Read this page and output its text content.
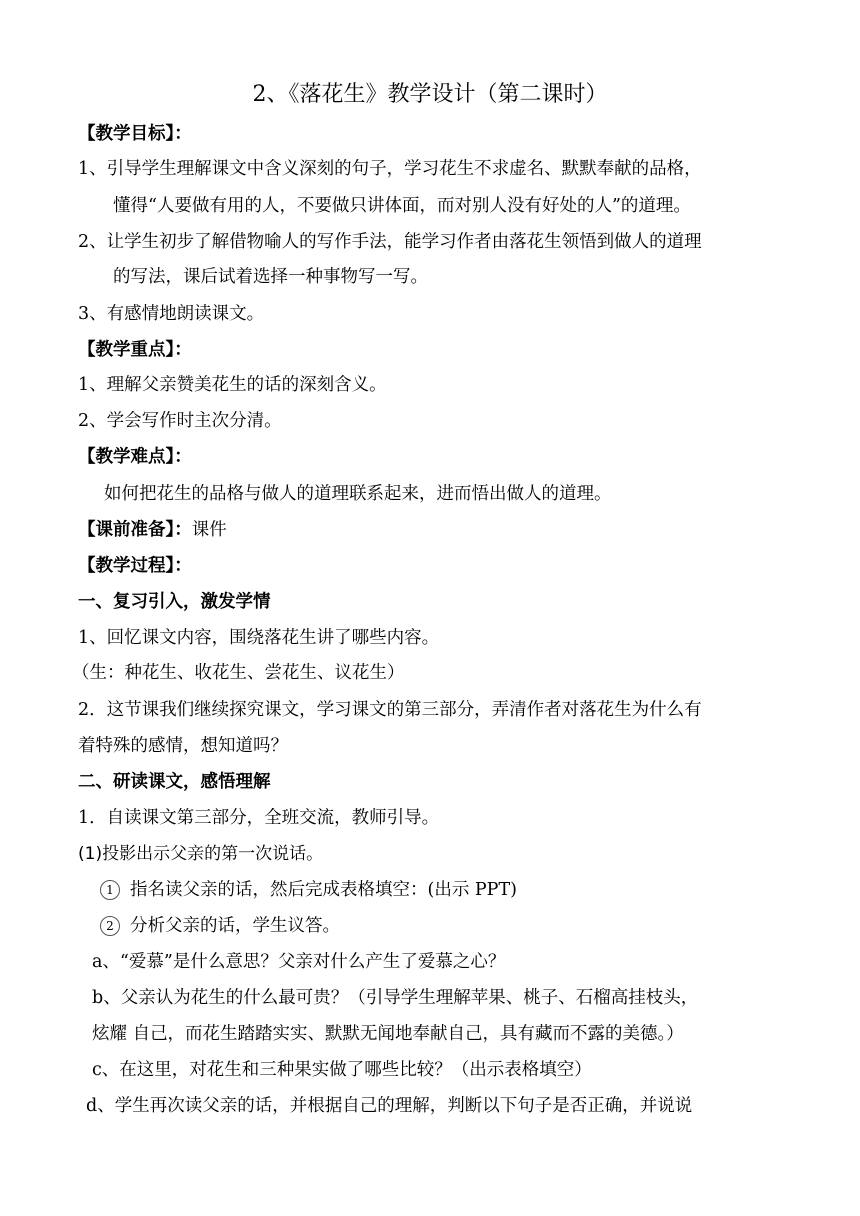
2、《落花生》教学设计（第二课时）
【教学目标】：
1、引导学生理解课文中含义深刻的句子，学习花生不求虚名、默默奉献的品格，
懂得“人要做有用的人，不要做只讲体面，而对别人没有好处的人”的道理。
2、让学生初步了解借物喻人的写作手法，能学习作者由落花生领悟到做人的道理
的写法，课后试着选择一种事物写一写。
3、有感情地朗读课文。
【教学重点】：
1、理解父亲赞美花生的话的深刻含义。
2、学会写作时主次分清。
【教学难点】：
如何把花生的品格与做人的道理联系起来，进而悟出做人的道理。
【课前准备】：课件
【教学过程】：
一、复习引入，激发学情
1、回忆课文内容，围绕落花生讲了哪些内容。
（生：种花生、收花生、尝花生、议花生）
2．这节课我们继续探究课文，学习课文的第三部分，弄清作者对落花生为什么有
着特殊的感情，想知道吗？
二、研读课文，感悟理解
1．自读课文第三部分，全班交流，教师引导。
(1)投影出示父亲的第一次说话。
1 指名读父亲的话，然后完成表格填空：(出示 PPT)
2 分析父亲的话，学生议答。
a、“爱慕”是什么意思？父亲对什么产生了爱慕之心？
b、父亲认为花生的什么最可贵？（引导学生理解苹果、桃子、石榴高挂枝头，
炫耀 自己，而花生踏踏实实、默默无闻地奉献自己，具有藏而不露的美德。）
c、在这里，对花生和三种果实做了哪些比较？（出示表格填空）
d、学生再次读父亲的话，并根据自己的理解，判断以下句子是否正确，并说说
